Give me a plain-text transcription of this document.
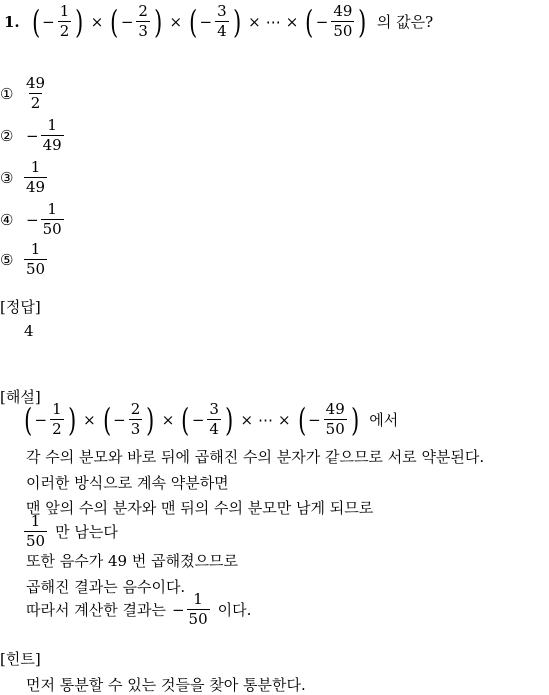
1. ( − $\frac{1}{2}$ ) × ( − $\frac{2}{3}$ ) × ( − $\frac{3}{4}$ ) × ⋯ × ( − $\frac{49}{50}$ ) 의 값은?
① $\frac{49}{2}$
② − $\frac{1}{49}$
③ $\frac{1}{49}$
④ − $\frac{1}{50}$
⑤ $\frac{1}{50}$
[정답]
4
[해설]
( − $\frac{1}{2}$ ) × ( − $\frac{2}{3}$ ) × ( − $\frac{3}{4}$ ) × ⋯ × ( − $\frac{49}{50}$ ) 에서
각 수의 분모와 바로 뒤에 곱해진 수의 분자가 같으므로 서로 약분된다.
이러한 방식으로 계속 약분하면
맨 앞의 수의 분자와 맨 뒤의 수의 분모만 남게 되므로
$\frac{1}{50}$ 만 남는다
또한 음수가 49 번 곱해졌으므로
곱해진 결과는 음수이다.
따라서 계산한 결과는 − $\frac{1}{50}$ 이다.
[힌트]
먼저 통분할 수 있는 것들을 찾아 통분한다.
